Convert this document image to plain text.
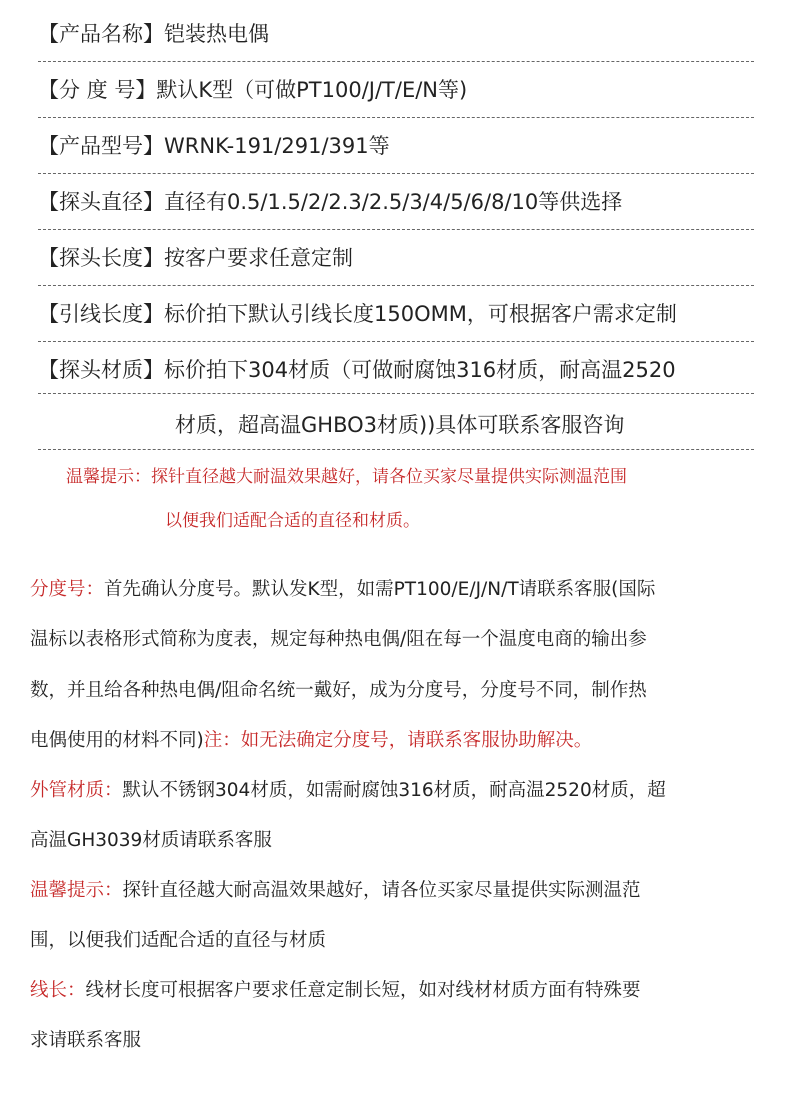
【产品名称】铠装热电偶
【分 度 号】默认K型（可做PT100/J/T/E/N等)
【产品型号】WRNK-191/291/391等
【探头直径】直径有0.5/1.5/2/2.3/2.5/3/4/5/6/8/10等供选择
【探头长度】按客户要求任意定制
【引线长度】标价拍下默认引线长度150OMM，可根据客户需求定制
【探头材质】标价拍下304材质（可做耐腐蚀316材质，耐高温2520
材质，超高温GHBO3材质))具体可联系客服咨询
温馨提示：探针直径越大耐温效果越好，请各位买家尽量提供实际测温范围
以便我们适配合适的直径和材质。
分度号：首先确认分度号。默认发K型，如需PT100/E/J/N/T请联系客服(国际
温标以表格形式简称为度表，规定每种热电偶/阻在每一个温度电商的输出参
数，并且给各种热电偶/阻命名统一戴好，成为分度号，分度号不同，制作热
电偶使用的材料不同)注：如无法确定分度号，请联系客服协助解决。
外管材质：默认不锈钢304材质，如需耐腐蚀316材质，耐高温2520材质，超
高温GH3039材质请联系客服
温馨提示：探针直径越大耐高温效果越好，请各位买家尽量提供实际测温范
围，以便我们适配合适的直径与材质
线长：线材长度可根据客户要求任意定制长短，如对线材材质方面有特殊要
求请联系客服
